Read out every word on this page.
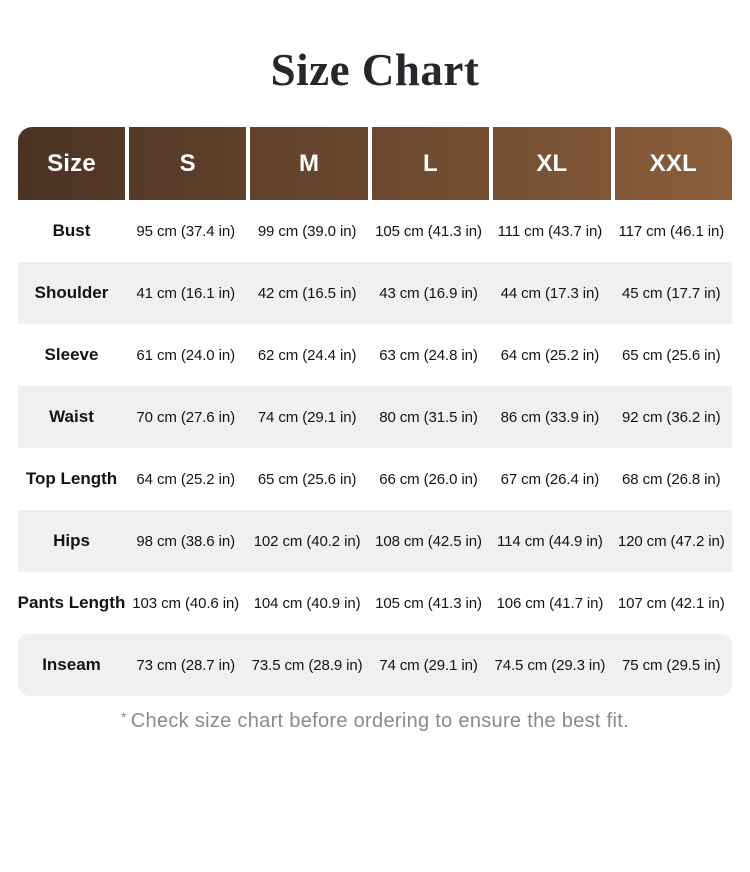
Size Chart
Size	S	M	L	XL	XXL
Bust	95 cm (37.4 in)	99 cm (39.0 in)	105 cm (41.3 in)	111 cm (43.7 in)	117 cm (46.1 in)
Shoulder	41 cm (16.1 in)	42 cm (16.5 in)	43 cm (16.9 in)	44 cm (17.3 in)	45 cm (17.7 in)
Sleeve	61 cm (24.0 in)	62 cm (24.4 in)	63 cm (24.8 in)	64 cm (25.2 in)	65 cm (25.6 in)
Waist	70 cm (27.6 in)	74 cm (29.1 in)	80 cm (31.5 in)	86 cm (33.9 in)	92 cm (36.2 in)
Top Length	64 cm (25.2 in)	65 cm (25.6 in)	66 cm (26.0 in)	67 cm (26.4 in)	68 cm (26.8 in)
Hips	98 cm (38.6 in)	102 cm (40.2 in) 108 cm (42.5 in)	114 cm (44.9 in)	120 cm (47.2 in)
Pants Length 103 cm (40.6 in) 104 cm (40.9 in) 105 cm (41.3 in) 106 cm (41.7 in) 107 cm (42.1 in)
Inseam	73 cm (28.7 in)	73.5 cm (28.9 in)	74 cm (29.1 in)	74.5 cm (29.3 in)	75 cm (29.5 in)

* Check size chart before ordering to ensure the best fit.
